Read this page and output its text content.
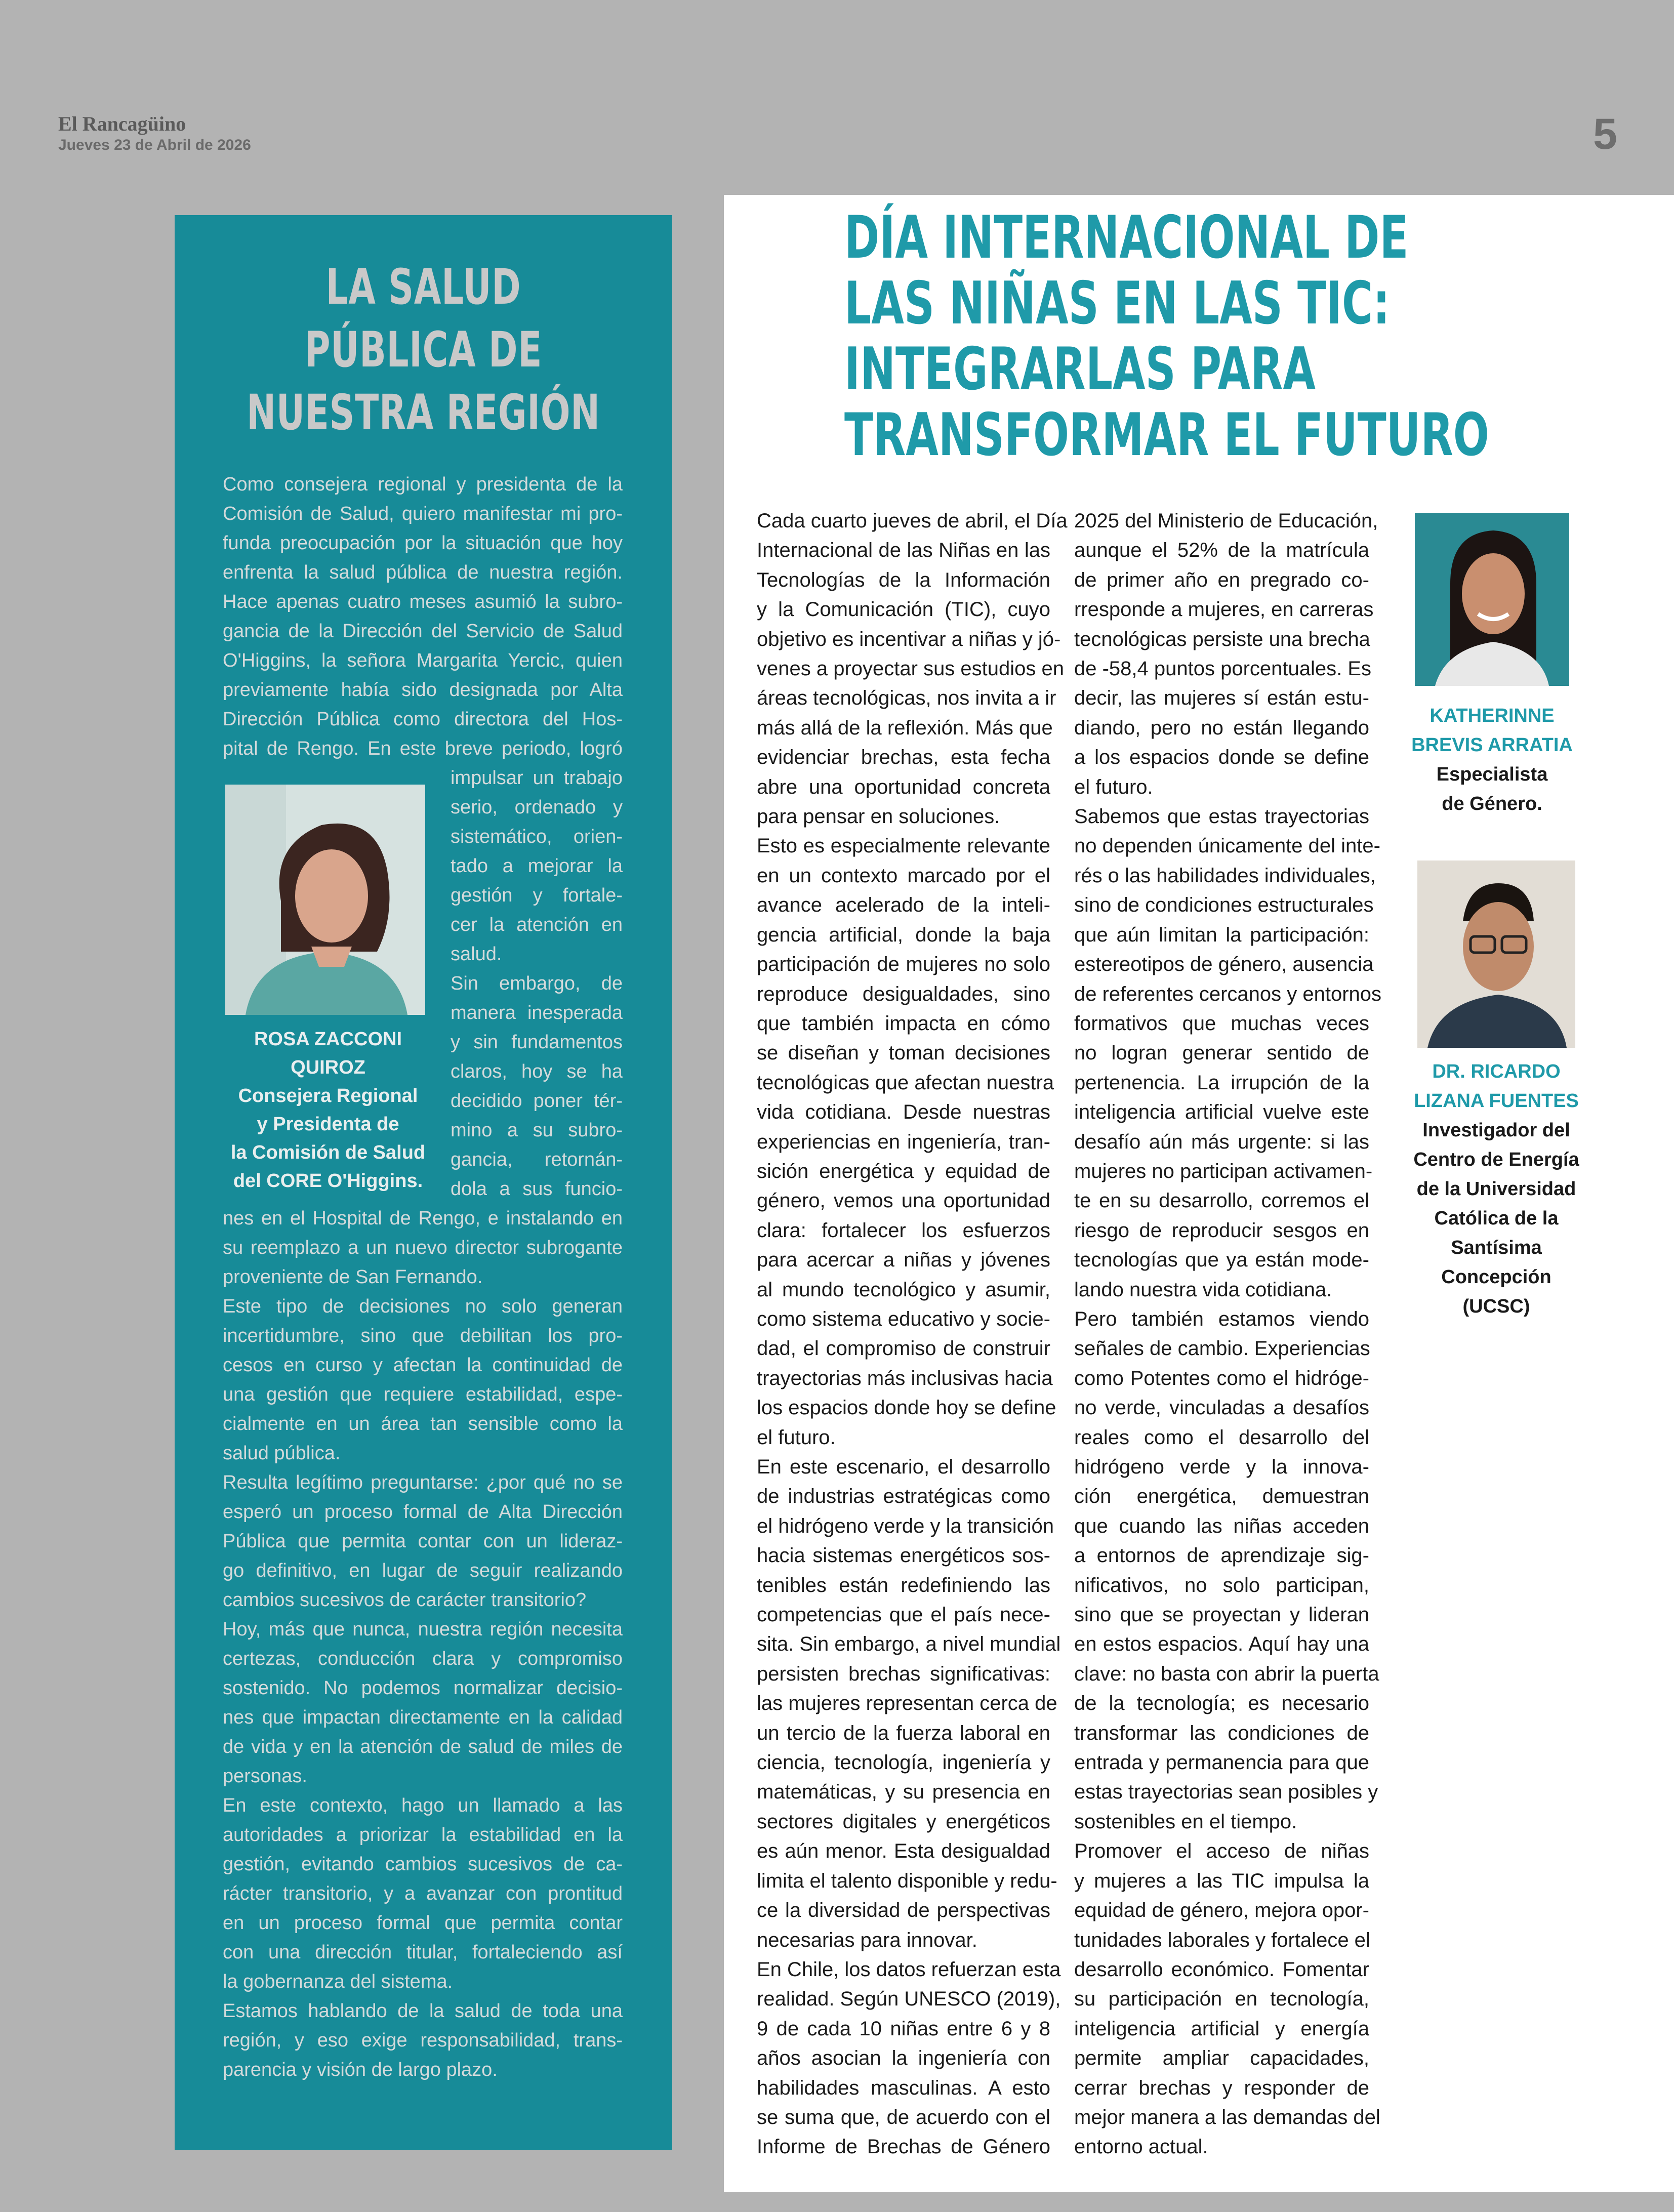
El Rancagüino
Jueves 23 de Abril de 2026	5
LA SALUD
PÚBLICA DE
NUESTRA REGIÓN
Como consejera regional y presidenta de la
Comisión de Salud, quiero manifestar mi pro-
funda preocupación por la situación que hoy
enfrenta la salud pública de nuestra región.
Hace apenas cuatro meses asumió la subro-
gancia de la Dirección del Servicio de Salud
O'Higgins, la señora Margarita Yercic, quien
previamente había sido designada por Alta
Dirección Pública como directora del Hos-
pital de Rengo. En este breve periodo, logró
impulsar un trabajo
serio, ordenado y
sistemático, orien-
tado a mejorar la
gestión y fortale-
cer la atención en
salud.
Sin embargo, de
manera inesperada
y sin fundamentos
claros, hoy se ha
decidido poner tér-
mino a su subro-
gancia, retornán-
dola a sus funcio-
ROSA ZACCONI
QUIROZ
Consejera Regional
y Presidenta de
la Comisión de Salud
del CORE O'Higgins.
nes en el Hospital de Rengo, e instalando en
su reemplazo a un nuevo director subrogante
proveniente de San Fernando.
Este tipo de decisiones no solo generan
incertidumbre, sino que debilitan los pro-
cesos en curso y afectan la continuidad de
una gestión que requiere estabilidad, espe-
cialmente en un área tan sensible como la
salud pública.
Resulta legítimo preguntarse: ¿por qué no se
esperó un proceso formal de Alta Dirección
Pública que permita contar con un lideraz-
go definitivo, en lugar de seguir realizando
cambios sucesivos de carácter transitorio?
Hoy, más que nunca, nuestra región necesita
certezas, conducción clara y compromiso
sostenido. No podemos normalizar decisio-
nes que impactan directamente en la calidad
de vida y en la atención de salud de miles de
personas.
En este contexto, hago un llamado a las
autoridades a priorizar la estabilidad en la
gestión, evitando cambios sucesivos de ca-
rácter transitorio, y a avanzar con prontitud
en un proceso formal que permita contar
con una dirección titular, fortaleciendo así
la gobernanza del sistema.
Estamos hablando de la salud de toda una
región, y eso exige responsabilidad, trans-
parencia y visión de largo plazo.
DÍA INTERNACIONAL DE
LAS NIÑAS EN LAS TIC:
INTEGRARLAS PARA
TRANSFORMAR EL FUTURO
Cada cuarto jueves de abril, el Día
Internacional de las Niñas en las
Tecnologías de la Información
y la Comunicación (TIC), cuyo
objetivo es incentivar a niñas y jó-
venes a proyectar sus estudios en
áreas tecnológicas, nos invita a ir
más allá de la reflexión. Más que
evidenciar brechas, esta fecha
abre una oportunidad concreta
para pensar en soluciones.
Esto es especialmente relevante
en un contexto marcado por el
avance acelerado de la inteli-
gencia artificial, donde la baja
participación de mujeres no solo
reproduce desigualdades, sino
que también impacta en cómo
se diseñan y toman decisiones
tecnológicas que afectan nuestra
vida cotidiana. Desde nuestras
experiencias en ingeniería, tran-
sición energética y equidad de
género, vemos una oportunidad
clara: fortalecer los esfuerzos
para acercar a niñas y jóvenes
al mundo tecnológico y asumir,
como sistema educativo y socie-
dad, el compromiso de construir
trayectorias más inclusivas hacia
los espacios donde hoy se define
el futuro.
En este escenario, el desarrollo
de industrias estratégicas como
el hidrógeno verde y la transición
hacia sistemas energéticos sos-
tenibles están redefiniendo las
competencias que el país nece-
sita. Sin embargo, a nivel mundial
persisten brechas significativas:
las mujeres representan cerca de
un tercio de la fuerza laboral en
ciencia, tecnología, ingeniería y
matemáticas, y su presencia en
sectores digitales y energéticos
es aún menor. Esta desigualdad
limita el talento disponible y redu-
ce la diversidad de perspectivas
necesarias para innovar.
En Chile, los datos refuerzan esta
realidad. Según UNESCO (2019),
9 de cada 10 niñas entre 6 y 8
años asocian la ingeniería con
habilidades masculinas. A esto
se suma que, de acuerdo con el
Informe de Brechas de Género
2025 del Ministerio de Educación,
aunque el 52% de la matrícula
de primer año en pregrado co-
rresponde a mujeres, en carreras
tecnológicas persiste una brecha
de -58,4 puntos porcentuales. Es
decir, las mujeres sí están estu-
diando, pero no están llegando
a los espacios donde se define
el futuro.
Sabemos que estas trayectorias
no dependen únicamente del inte-
rés o las habilidades individuales,
sino de condiciones estructurales
que aún limitan la participación:
estereotipos de género, ausencia
de referentes cercanos y entornos
formativos que muchas veces
no logran generar sentido de
pertenencia. La irrupción de la
inteligencia artificial vuelve este
desafío aún más urgente: si las
mujeres no participan activamen-
te en su desarrollo, corremos el
riesgo de reproducir sesgos en
tecnologías que ya están mode-
lando nuestra vida cotidiana.
Pero también estamos viendo
señales de cambio. Experiencias
como Potentes como el hidróge-
no verde, vinculadas a desafíos
reales como el desarrollo del
hidrógeno verde y la innova-
ción energética, demuestran
que cuando las niñas acceden
a entornos de aprendizaje sig-
nificativos, no solo participan,
sino que se proyectan y lideran
en estos espacios. Aquí hay una
clave: no basta con abrir la puerta
de la tecnología; es necesario
transformar las condiciones de
entrada y permanencia para que
estas trayectorias sean posibles y
sostenibles en el tiempo.
Promover el acceso de niñas
y mujeres a las TIC impulsa la
equidad de género, mejora opor-
tunidades laborales y fortalece el
desarrollo económico. Fomentar
su participación en tecnología,
inteligencia artificial y energía
permite ampliar capacidades,
cerrar brechas y responder de
mejor manera a las demandas del
entorno actual.
KATHERINNE
BREVIS ARRATIA
Especialista
de Género.
DR. RICARDO
LIZANA FUENTES
Investigador del
Centro de Energía
de la Universidad
Católica de la
Santísima
Concepción
(UCSC)
